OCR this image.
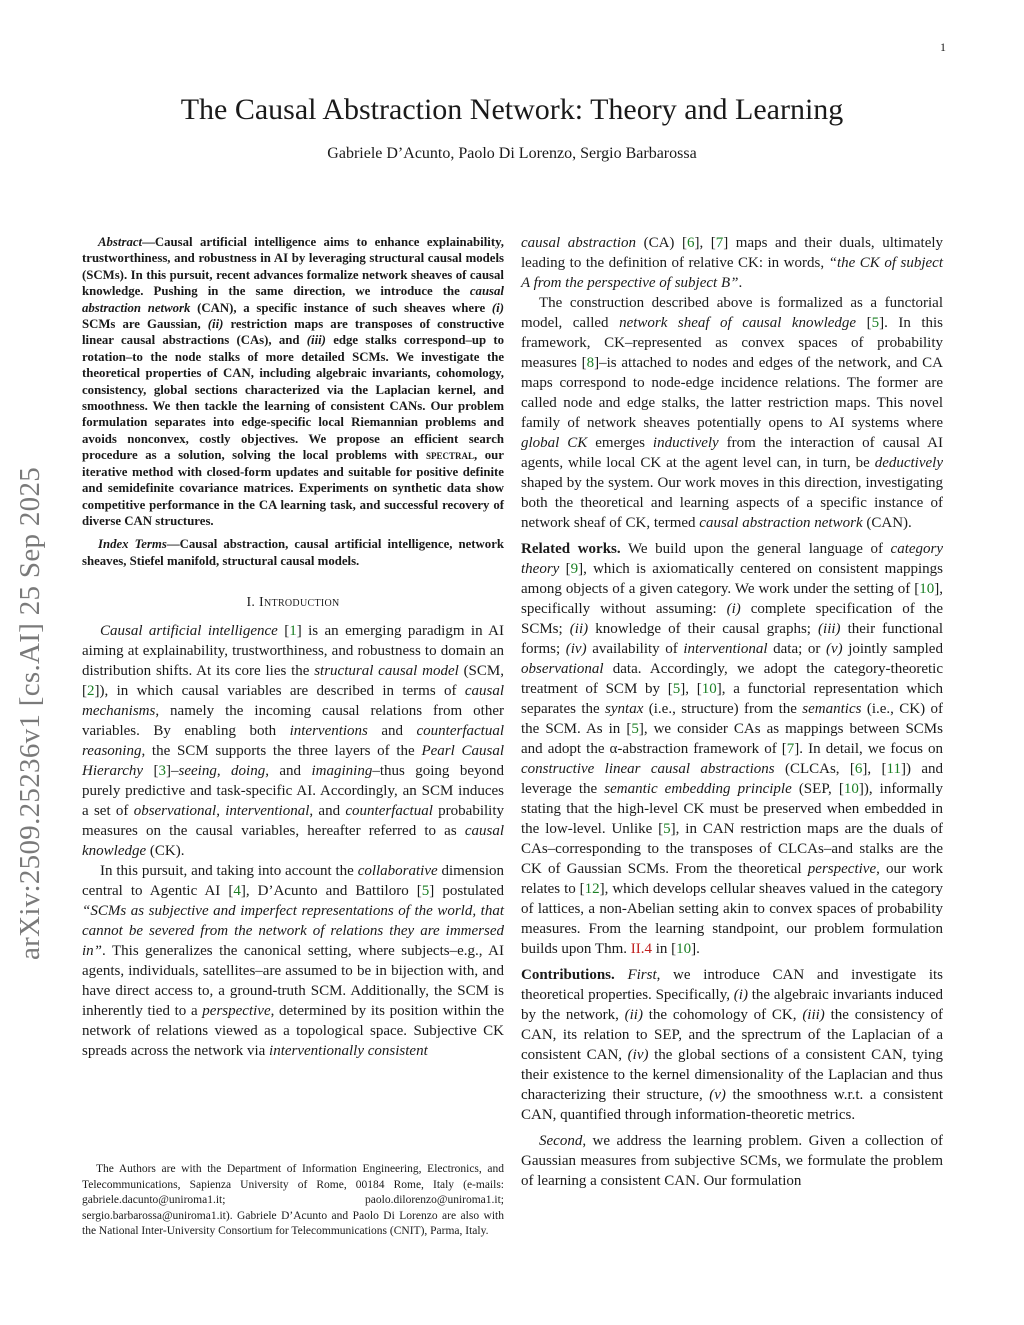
1
arXiv:2509.25236v1 [cs.AI] 25 Sep 2025
The Causal Abstraction Network: Theory and Learning
Gabriele D’Acunto, Paolo Di Lorenzo, Sergio Barbarossa

Abstract—Causal artificial intelligence aims to enhance explainability, trustworthiness, and robustness in AI by leveraging structural causal models (SCMs). In this pursuit, recent advances formalize network sheaves of causal knowledge. Pushing in the same direction, we introduce the causal abstraction network (CAN), a specific instance of such sheaves where (i) SCMs are Gaussian, (ii) restriction maps are transposes of constructive linear causal abstractions (CAs), and (iii) edge stalks correspond–up to rotation–to the node stalks of more detailed SCMs. We investigate the theoretical properties of CAN, including algebraic invariants, cohomology, consistency, global sections characterized via the Laplacian kernel, and smoothness. We then tackle the learning of consistent CANs. Our problem formulation separates into edge-specific local Riemannian problems and avoids nonconvex, costly objectives. We propose an efficient search procedure as a solution, solving the local problems with spectral, our iterative method with closed-form updates and suitable for positive definite and semidefinite covariance matrices. Experiments on synthetic data show competitive performance in the CA learning task, and successful recovery of diverse CAN structures.

Index Terms—Causal abstraction, causal artificial intelligence, network sheaves, Stiefel manifold, structural causal models.

I. Introduction

Causal artificial intelligence [1] is an emerging paradigm in AI aiming at explainability, trustworthiness, and robustness to domain an distribution shifts. At its core lies the structural causal model (SCM, [2]), in which causal variables are described in terms of causal mechanisms, namely the incoming causal relations from other variables. By enabling both interventions and counterfactual reasoning, the SCM supports the three layers of the Pearl Causal Hierarchy [3]–seeing, doing, and imagining–thus going beyond purely predictive and task-specific AI. Accordingly, an SCM induces a set of observational, interventional, and counterfactual probability measures on the causal variables, hereafter referred to as causal knowledge (CK).

In this pursuit, and taking into account the collaborative dimension central to Agentic AI [4], D’Acunto and Battiloro [5] postulated “SCMs as subjective and imperfect representations of the world, that cannot be severed from the network of relations they are immersed in”. This generalizes the canonical setting, where subjects–e.g., AI agents, individuals, satellites–are assumed to be in bijection with, and have direct access to, a ground-truth SCM. Additionally, the SCM is inherently tied to a perspective, determined by its position within the network of relations viewed as a topological space. Subjective CK spreads across the network via interventionally consistent

The Authors are with the Department of Information Engineering, Electronics, and Telecommunications, Sapienza University of Rome, 00184 Rome, Italy (e-mails: gabriele.dacunto@uniroma1.it; paolo.dilorenzo@uniroma1.it; sergio.barbarossa@uniroma1.it). Gabriele D’Acunto and Paolo Di Lorenzo are also with the National Inter-University Consortium for Telecommunications (CNIT), Parma, Italy.

causal abstraction (CA) [6], [7] maps and their duals, ultimately leading to the definition of relative CK: in words, “the CK of subject A from the perspective of subject B”.

The construction described above is formalized as a functorial model, called network sheaf of causal knowledge [5]. In this framework, CK–represented as convex spaces of probability measures [8]–is attached to nodes and edges of the network, and CA maps correspond to node-edge incidence relations. The former are called node and edge stalks, the latter restriction maps. This novel family of network sheaves potentially opens to AI systems where global CK emerges inductively from the interaction of causal AI agents, while local CK at the agent level can, in turn, be deductively shaped by the system. Our work moves in this direction, investigating both the theoretical and learning aspects of a specific instance of network sheaf of CK, termed causal abstraction network (CAN).

Related works. We build upon the general language of category theory [9], which is axiomatically centered on consistent mappings among objects of a given category. We work under the setting of [10], specifically without assuming: (i) complete specification of the SCMs; (ii) knowledge of their causal graphs; (iii) their functional forms; (iv) availability of interventional data; or (v) jointly sampled observational data. Accordingly, we adopt the category-theoretic treatment of SCM by [5], [10], a functorial representation which separates the syntax (i.e., structure) from the semantics (i.e., CK) of the SCM. As in [5], we consider CAs as mappings between SCMs and adopt the α-abstraction framework of [7]. In detail, we focus on constructive linear causal abstractions (CLCAs, [6], [11]) and leverage the semantic embedding principle (SEP, [10]), informally stating that the high-level CK must be preserved when embedded in the low-level. Unlike [5], in CAN restriction maps are the duals of CAs–corresponding to the transposes of CLCAs–and stalks are the CK of Gaussian SCMs. From the theoretical perspective, our work relates to [12], which develops cellular sheaves valued in the category of lattices, a non-Abelian setting akin to convex spaces of probability measures. From the learning standpoint, our problem formulation builds upon Thm. II.4 in [10].

Contributions. First, we introduce CAN and investigate its theoretical properties. Specifically, (i) the algebraic invariants induced by the network, (ii) the cohomology of CK, (iii) the consistency of CAN, its relation to SEP, and the sprectrum of the Laplacian of a consistent CAN, (iv) the global sections of a consistent CAN, tying their existence to the kernel dimensionality of the Laplacian and thus characterizing their structure, (v) the smoothness w.r.t. a consistent CAN, quantified through information-theoretic metrics.

Second, we address the learning problem. Given a collection of Gaussian measures from subjective SCMs, we formulate the problem of learning a consistent CAN. Our formulation
